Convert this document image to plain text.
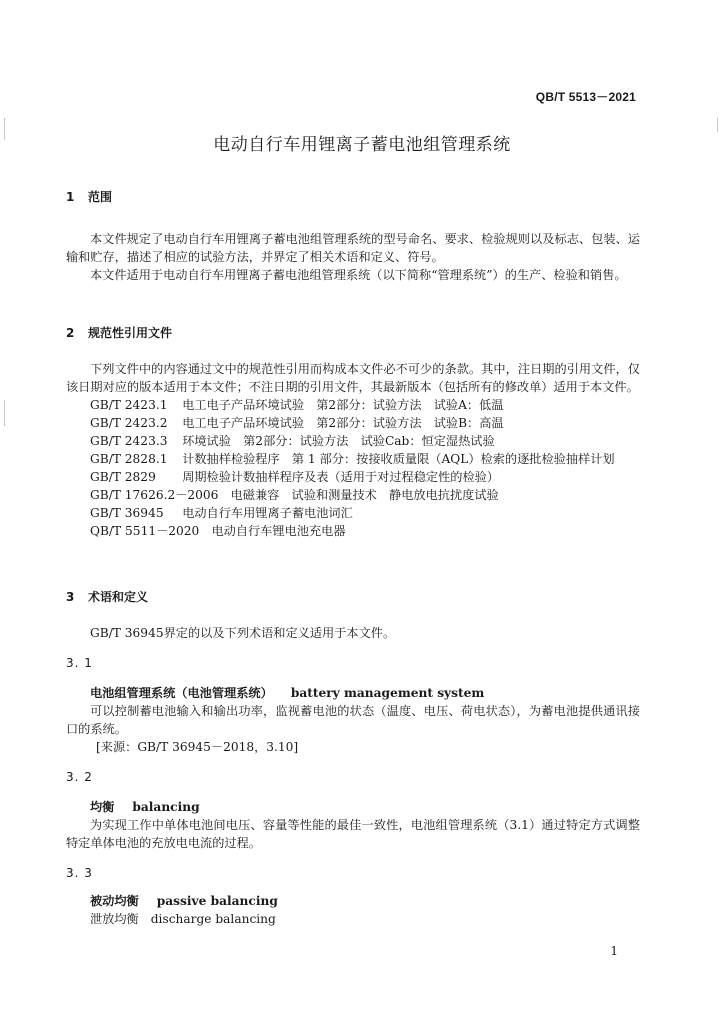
QB/T 5513－2021
电动自行车用锂离子蓄电池组管理系统
1 范围
本文件规定了电动自行车用锂离子蓄电池组管理系统的型号命名、要求、检验规则以及标志、包装、运输和贮存，描述了相应的试验方法，并界定了相关术语和定义、符号。
本文件适用于电动自行车用锂离子蓄电池组管理系统（以下简称“管理系统”）的生产、检验和销售。
2 规范性引用文件
下列文件中的内容通过文中的规范性引用而构成本文件必不可少的条款。其中，注日期的引用文件，仅该日期对应的版本适用于本文件；不注日期的引用文件，其最新版本（包括所有的修改单）适用于本文件。
GB/T 2423.1　 电工电子产品环境试验　第2部分：试验方法　试验A：低温
GB/T 2423.2　 电工电子产品环境试验　第2部分：试验方法　试验B：高温
GB/T 2423.3　 环境试验　第2部分：试验方法　试验Cab：恒定湿热试验
GB/T 2828.1　 计数抽样检验程序　第 1 部分：按接收质量限（AQL）检索的逐批检验抽样计划
GB/T 2829　 周期检验计数抽样程序及表（适用于对过程稳定性的检验）
GB/T 17626.2－2006　 电磁兼容　试验和测量技术　静电放电抗扰度试验
GB/T 36945　 电动自行车用锂离子蓄电池词汇
QB/T 5511－2020　 电动自行车锂电池充电器
3 术语和定义
GB/T 36945界定的以及下列术语和定义适用于本文件。
3. 1
电池组管理系统（电池管理系统） battery management system
可以控制蓄电池输入和输出功率，监视蓄电池的状态（温度、电压、荷电状态），为蓄电池提供通讯接口的系统。
[来源：GB/T 36945－2018，3.10]
3. 2
均衡 balancing
为实现工作中单体电池间电压、容量等性能的最佳一致性，电池组管理系统（3.1）通过特定方式调整特定单体电池的充放电电流的过程。
3. 3
被动均衡 passive balancing
泄放均衡 discharge balancing
1
